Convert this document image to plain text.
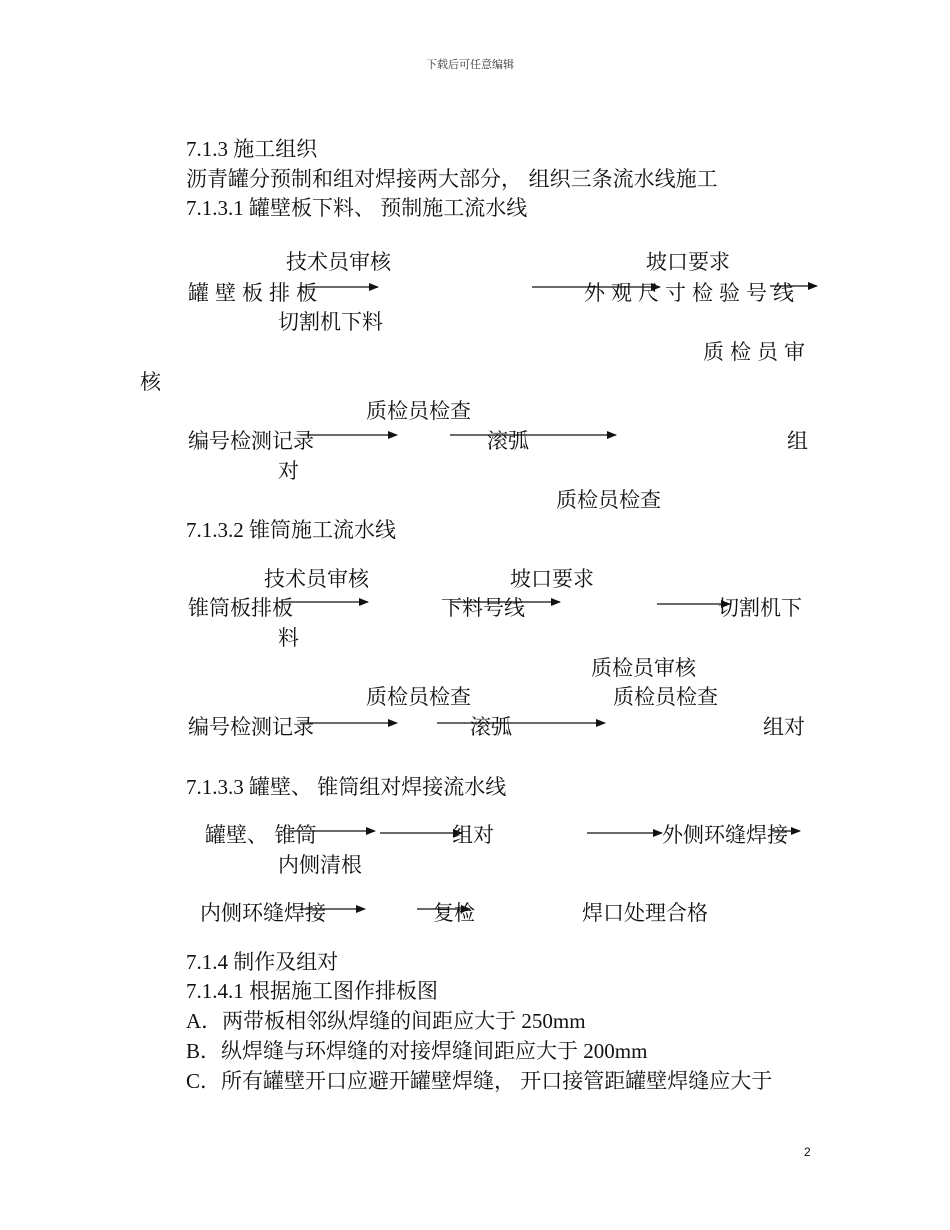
下载后可任意编辑
7.1.3 施工组织
沥青罐分预制和组对焊接两大部分， 组织三条流水线施工
7.1.3.1 罐壁板下料、 预制施工流水线
技术员审核	坡口要求
罐壁板排板	外观尺寸检验号线
切割机下料
质检员审
核
质检员检查
编号检测记录	滚弧	组
对
质检员检查
7.1.3.2 锥筒施工流水线
技术员审核	坡口要求
锥筒板排板	下料号线	切割机下
料
质检员审核
质检员检查	质检员检查
编号检测记录	滚弧	组对
7.1.3.3 罐壁、 锥筒组对焊接流水线
罐壁、 锥筒	组对	外侧环缝焊接
内侧清根
内侧环缝焊接	复检	焊口处理合格
7.1.4 制作及组对
7.1.4.1 根据施工图作排板图
A．两带板相邻纵焊缝的间距应大于 250mm
B．纵焊缝与环焊缝的对接焊缝间距应大于 200mm
C．所有罐壁开口应避开罐壁焊缝， 开口接管距罐壁焊缝应大于
2
